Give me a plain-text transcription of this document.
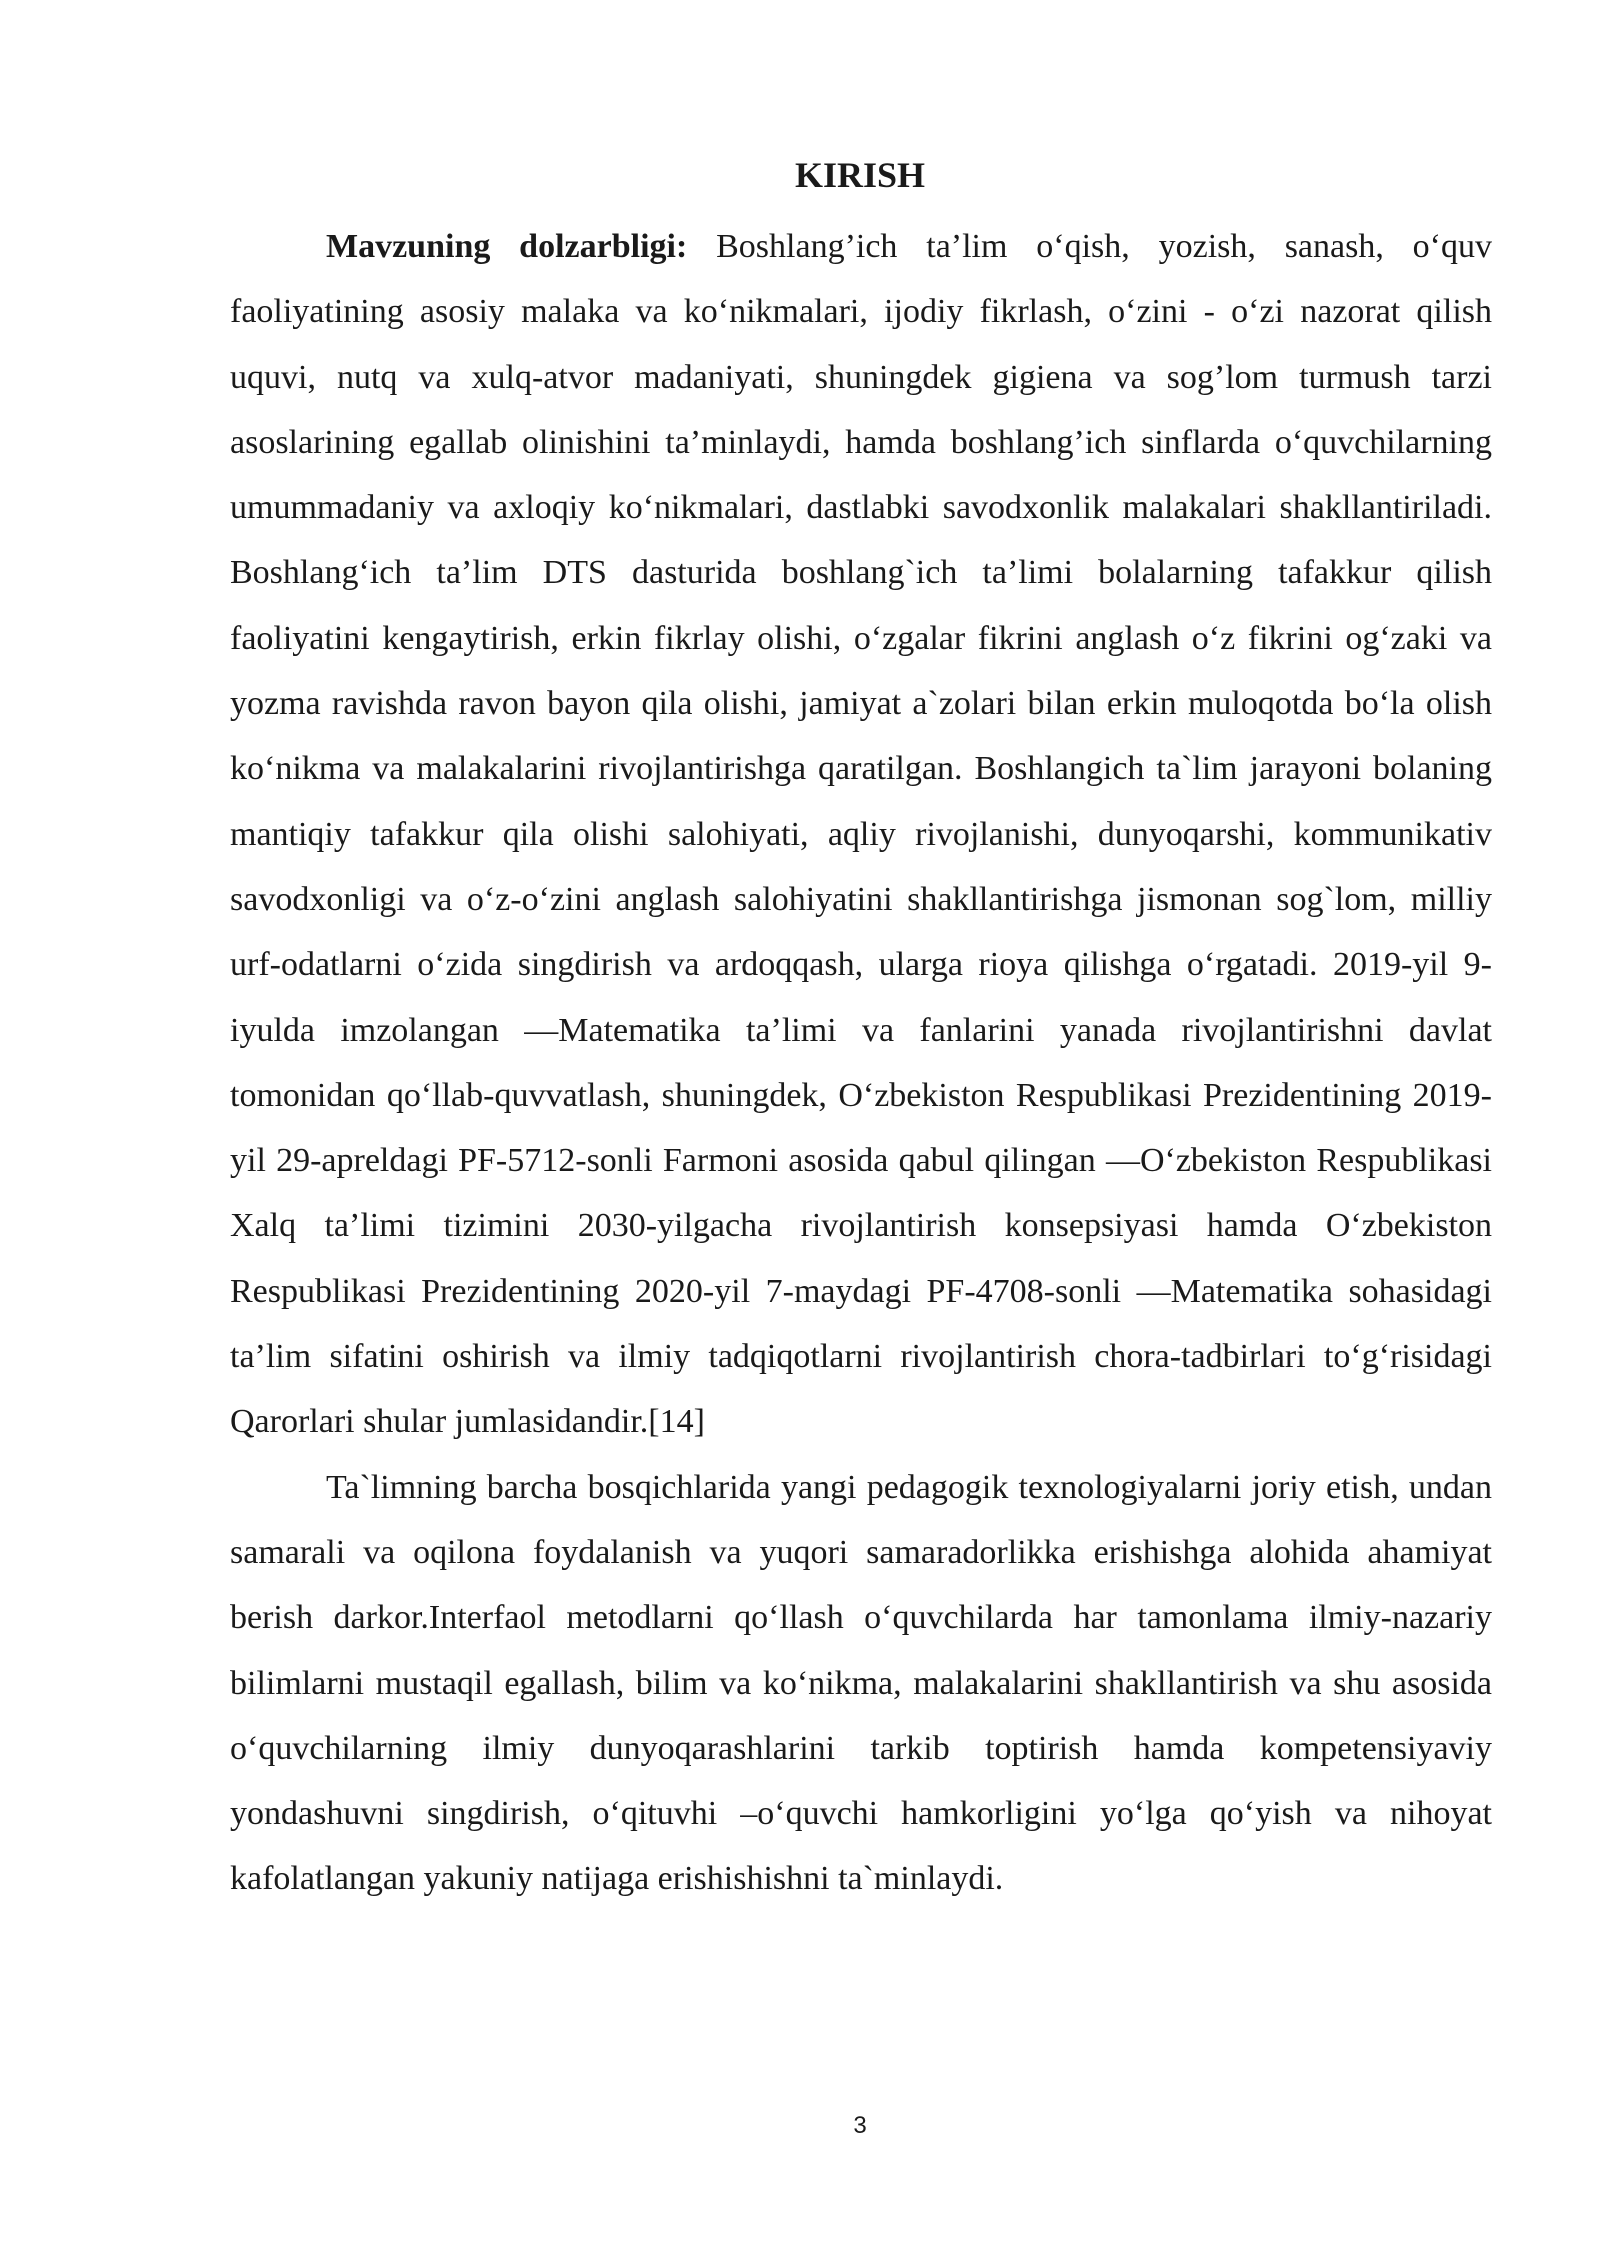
KIRISH

Mavzuning dolzarbligi: Boshlang’ich ta’lim o‘qish, yozish, sanash, o‘quv faoliyatining asosiy malaka va ko‘nikmalari, ijodiy fikrlash, o‘zini - o‘zi nazorat qilish uquvi, nutq va xulq-atvor madaniyati, shuningdek gigiena va sog’lom turmush tarzi asoslarining egallab olinishini ta’minlaydi, hamda boshlang’ich sinflarda o‘quvchilarning umummadaniy va axloqiy ko‘nikmalari, dastlabki savodxonlik malakalari shakllantiriladi. Boshlang‘ich ta’lim DTS dasturida boshlang`ich ta’limi bolalarning tafakkur qilish faoliyatini kengaytirish, erkin fikrlay olishi, o‘zgalar fikrini anglash o‘z fikrini og‘zaki va yozma ravishda ravon bayon qila olishi, jamiyat a`zolari bilan erkin muloqotda bo‘la olish ko‘nikma va malakalarini rivojlantirishga qaratilgan. Boshlangich ta`lim jarayoni bolaning mantiqiy tafakkur qila olishi salohiyati, aqliy rivojlanishi, dunyoqarshi, kommunikativ savodxonligi va o‘z-o‘zini anglash salohiyatini shakllantirishga jismonan sog`lom, milliy urf-odatlarni o‘zida singdirish va ardoqqash, ularga rioya qilishga o‘rgatadi. 2019-yil 9-iyulda imzolangan ―Matematika ta’limi va fanlarini yanada rivojlantirishni davlat tomonidan qo‘llab-quvvatlash, shuningdek, O‘zbekiston Respublikasi Prezidentining 2019-yil 29-apreldagi PF-5712-sonli Farmoni asosida qabul qilingan ―O‘zbekiston Respublikasi Xalq ta’limi tizimini 2030-yilgacha rivojlantirish konsepsiyasi hamda O‘zbekiston Respublikasi Prezidentining 2020-yil 7-maydagi PF-4708-sonli ―Matematika sohasidagi ta’lim sifatini oshirish va ilmiy tadqiqotlarni rivojlantirish chora-tadbirlari to‘g‘risidagi Qarorlari shular jumlasidandir.[14]

Ta`limning barcha bosqichlarida yangi pedagogik texnologiyalarni joriy etish, undan samarali va oqilona foydalanish va yuqori samaradorlikka erishishga alohida ahamiyat berish darkor.Interfaol metodlarni qo‘llash o‘quvchilarda har tamonlama ilmiy-nazariy bilimlarni mustaqil egallash, bilim va ko‘nikma, malakalarini shakllantirish va shu asosida o‘quvchilarning ilmiy dunyoqarashlarini tarkib toptirish hamda kompetensiyaviy yondashuvni singdirish, o‘qituvhi –o‘quvchi hamkorligini yo‘lga qo‘yish va nihoyat kafolatlangan yakuniy natijaga erishishishni ta`minlaydi.

3
